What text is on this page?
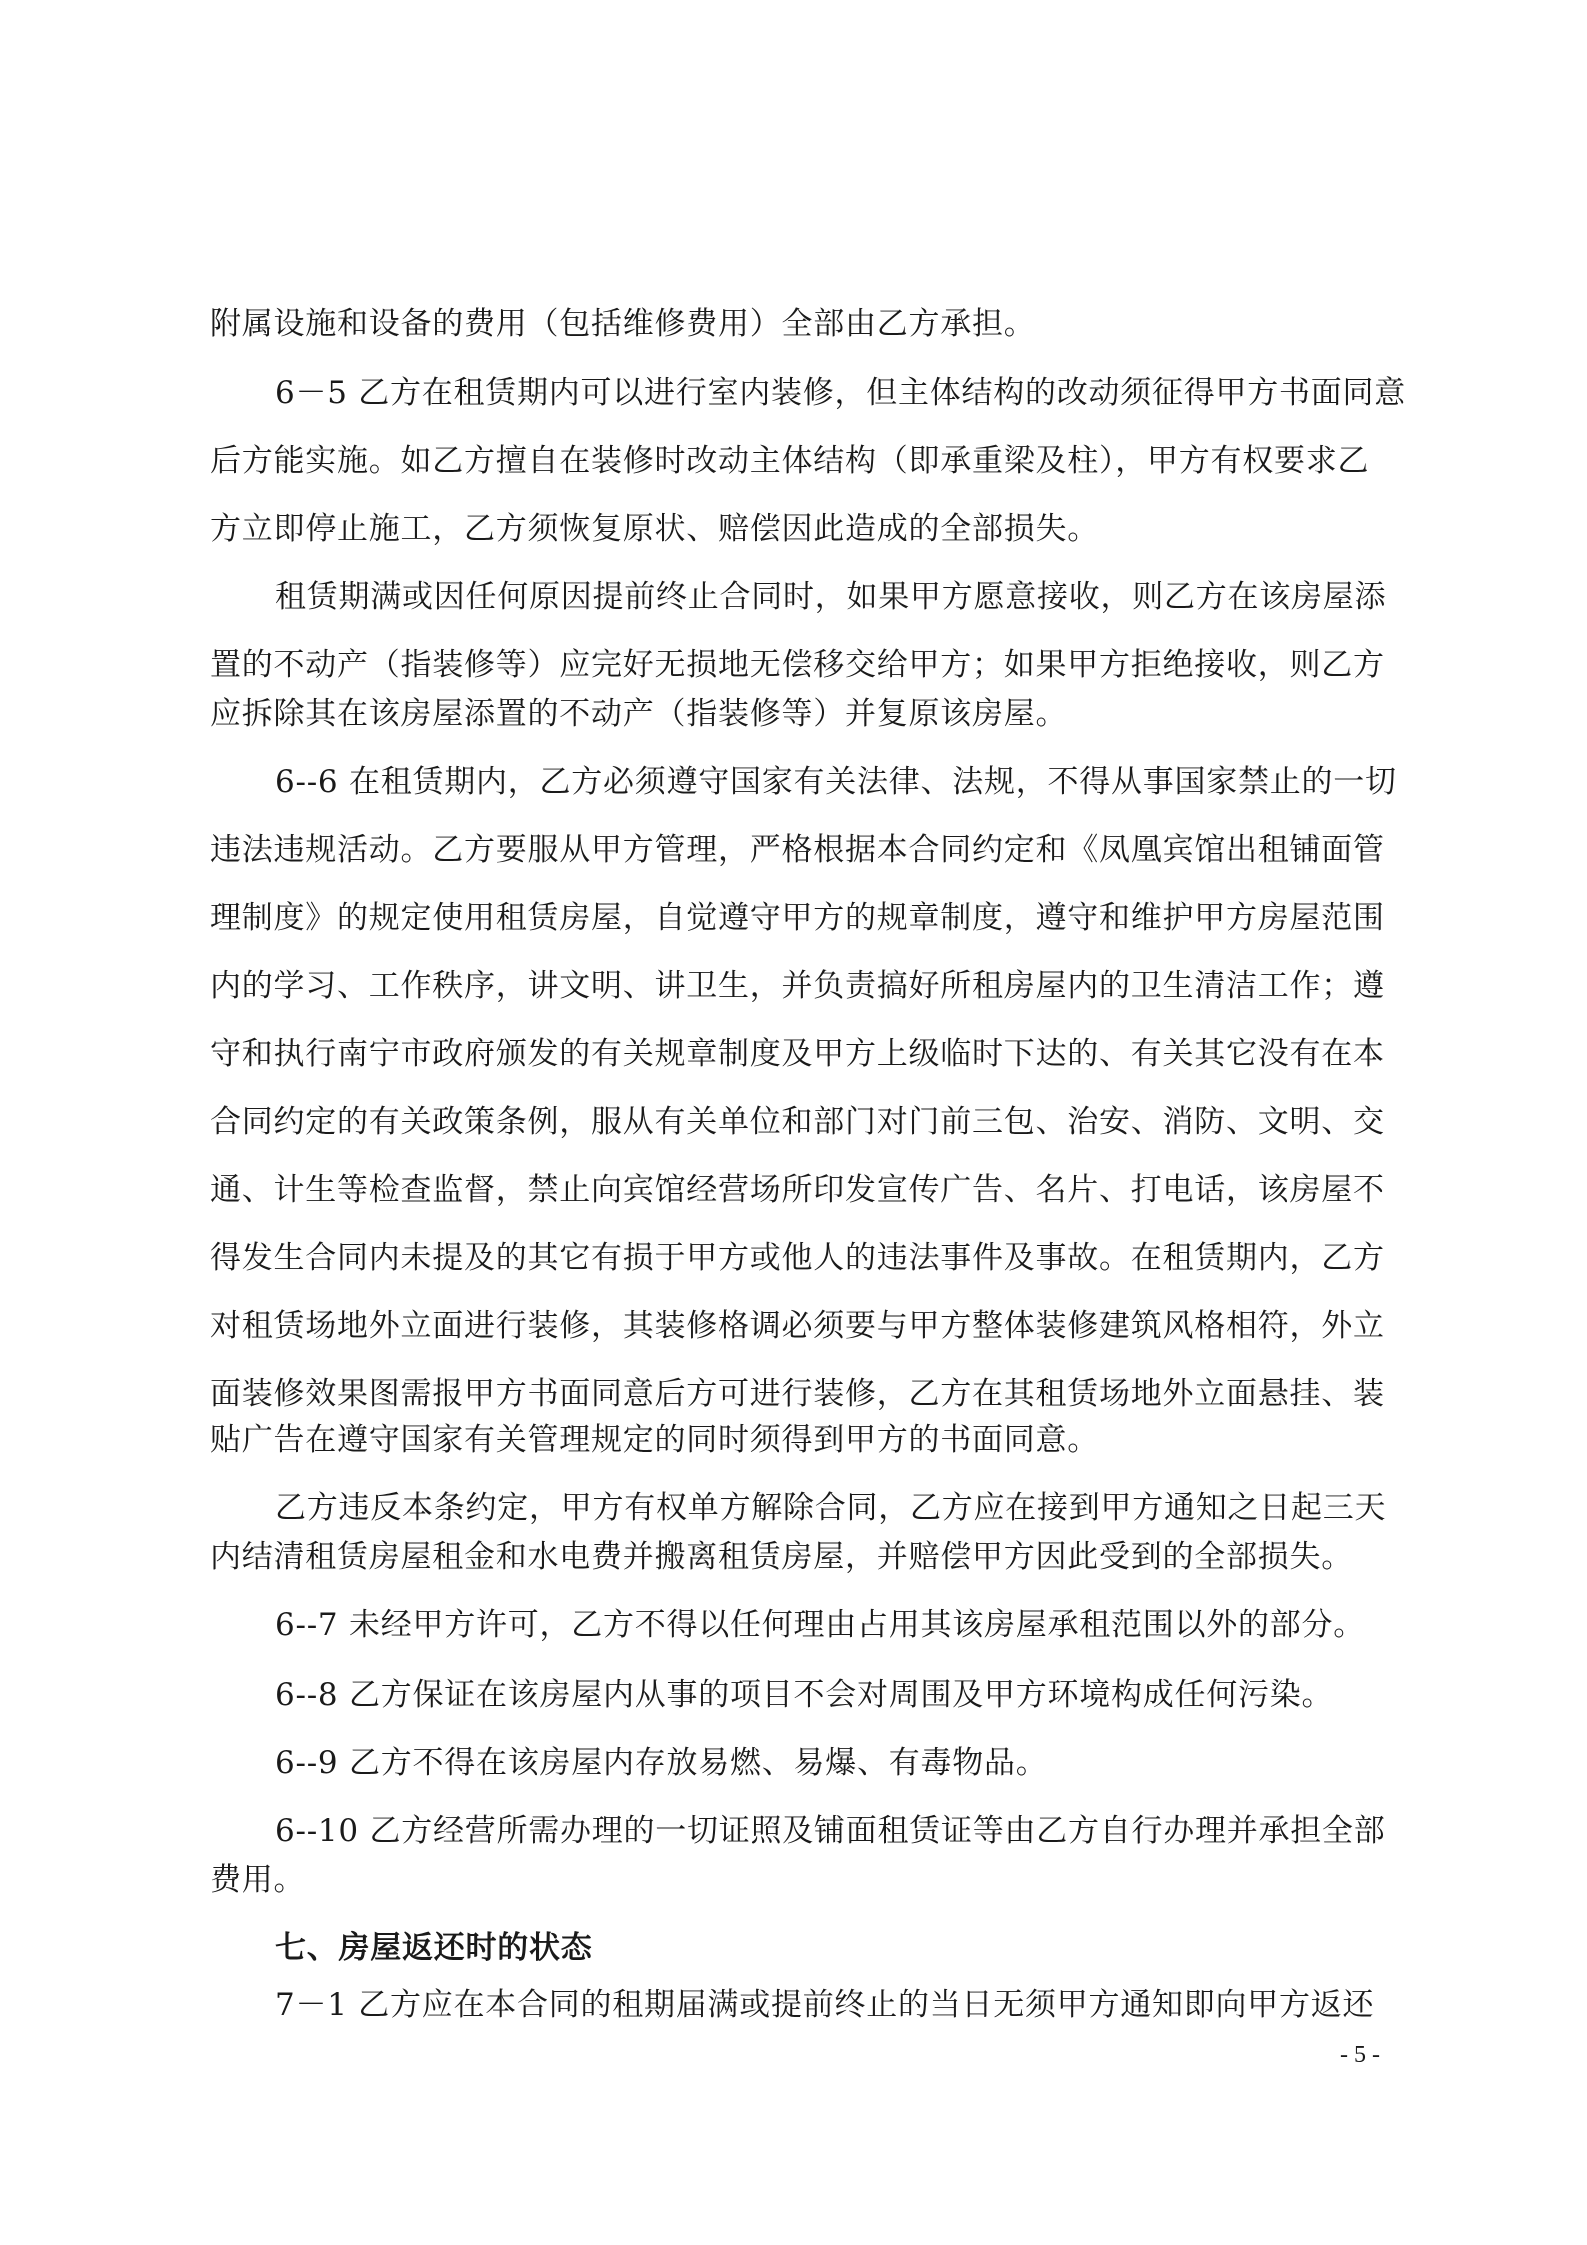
附属设施和设备的费用（包括维修费用）全部由乙方承担。
6－5 乙方在租赁期内可以进行室内装修，但主体结构的改动须征得甲方书面同意
后方能实施。如乙方擅自在装修时改动主体结构（即承重梁及柱），甲方有权要求乙
方立即停止施工，乙方须恢复原状、赔偿因此造成的全部损失。
租赁期满或因任何原因提前终止合同时，如果甲方愿意接收，则乙方在该房屋添
置的不动产（指装修等）应完好无损地无偿移交给甲方；如果甲方拒绝接收，则乙方
应拆除其在该房屋添置的不动产（指装修等）并复原该房屋。
6--6 在租赁期内，乙方必须遵守国家有关法律、法规，不得从事国家禁止的一切
违法违规活动。乙方要服从甲方管理，严格根据本合同约定和《凤凰宾馆出租铺面管
理制度》的规定使用租赁房屋，自觉遵守甲方的规章制度，遵守和维护甲方房屋范围
内的学习、工作秩序，讲文明、讲卫生，并负责搞好所租房屋内的卫生清洁工作；遵
守和执行南宁市政府颁发的有关规章制度及甲方上级临时下达的、有关其它没有在本
合同约定的有关政策条例，服从有关单位和部门对门前三包、治安、消防、文明、交
通、计生等检查监督，禁止向宾馆经营场所印发宣传广告、名片、打电话，该房屋不
得发生合同内未提及的其它有损于甲方或他人的违法事件及事故。在租赁期内，乙方
对租赁场地外立面进行装修，其装修格调必须要与甲方整体装修建筑风格相符，外立
面装修效果图需报甲方书面同意后方可进行装修，乙方在其租赁场地外立面悬挂、装
贴广告在遵守国家有关管理规定的同时须得到甲方的书面同意。
乙方违反本条约定，甲方有权单方解除合同，乙方应在接到甲方通知之日起三天
内结清租赁房屋租金和水电费并搬离租赁房屋，并赔偿甲方因此受到的全部损失。
6--7 未经甲方许可，乙方不得以任何理由占用其该房屋承租范围以外的部分。
6--8 乙方保证在该房屋内从事的项目不会对周围及甲方环境构成任何污染。
6--9 乙方不得在该房屋内存放易燃、易爆、有毒物品。
6--10 乙方经营所需办理的一切证照及铺面租赁证等由乙方自行办理并承担全部
费用。
七、房屋返还时的状态
7－1 乙方应在本合同的租期届满或提前终止的当日无须甲方通知即向甲方返还
- 5 -
